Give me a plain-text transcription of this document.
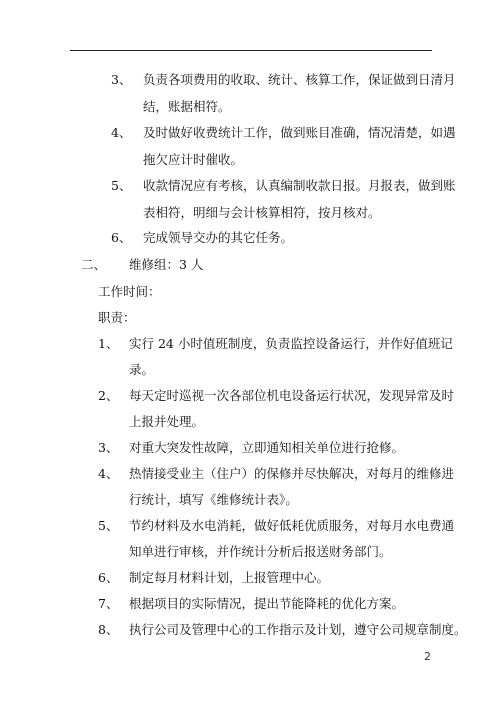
3、 负责各项费用的收取、统计、核算工作，保证做到日清月
结，账据相符。
4、 及时做好收费统计工作，做到账目准确，情况清楚，如遇
拖欠应计时催收。
5、 收款情况应有考核，认真编制收款日报。月报表，做到账
表相符，明细与会计核算相符，按月核对。
6、 完成领导交办的其它任务。
二、 维修组：3 人
工作时间：
职责：
1、 实行 24 小时值班制度，负责监控设备运行，并作好值班记
录。
2、 每天定时巡视一次各部位机电设备运行状况，发现异常及时
上报并处理。
3、 对重大突发性故障，立即通知相关单位进行抢修。
4、 热情接受业主（住户）的保修并尽快解决，对每月的维修进
行统计，填写《维修统计表》。
5、 节约材料及水电消耗，做好低耗优质服务，对每月水电费通
知单进行审核，并作统计分析后报送财务部门。
6、 制定每月材料计划，上报管理中心。
7、 根据项目的实际情况，提出节能降耗的优化方案。
8、 执行公司及管理中心的工作指示及计划，遵守公司规章制度。
2
